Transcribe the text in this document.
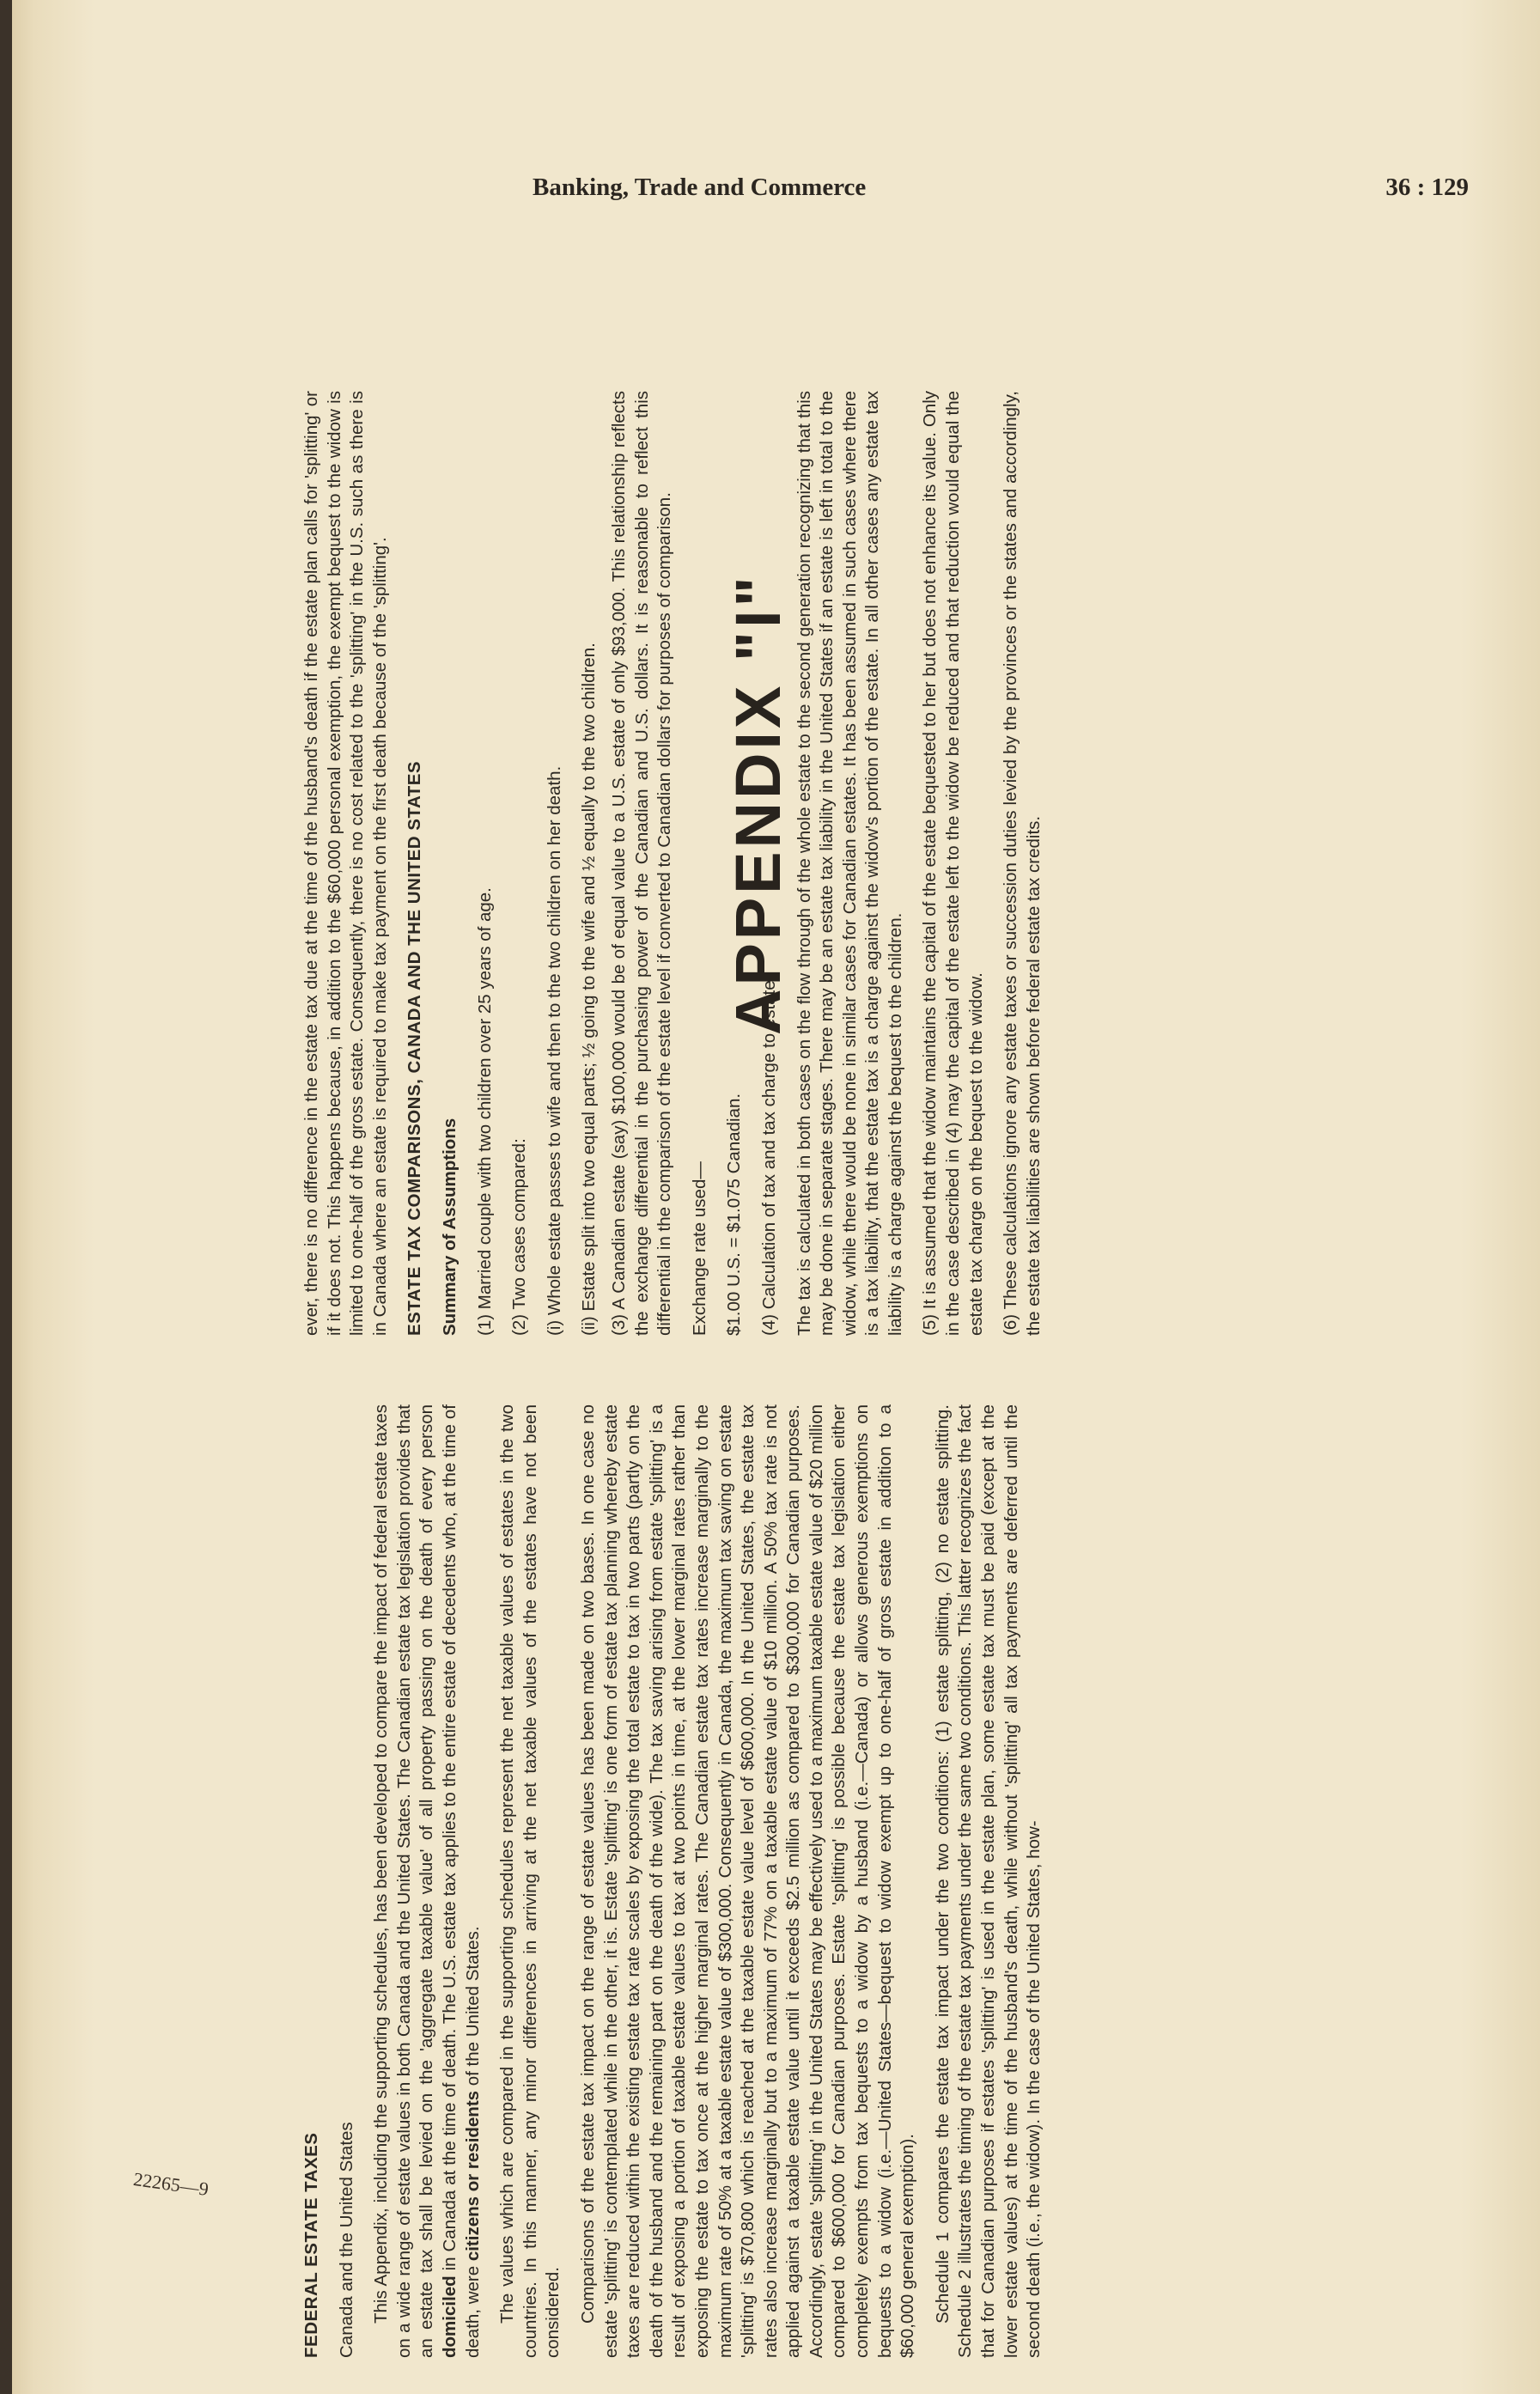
Banking, Trade and Commerce	36 : 129

FEDERAL ESTATE TAXES Canada and the United States This Appendix, including the supporting schedules, has been developed to compare the impact of federal estate taxes on a wide range of estate values in both Canada and the United States. The Canadian estate tax legislation provides that an estate tax shall be levied on the 'aggregate taxable value' of all property passing on the death of every person domiciled in Canada at the time of death. The U.S. estate tax applies to the entire estate of decedents who, at the time of death, were citizens or residents of the United States. The values which are compared in the supporting schedules represent the net taxable values of estates in the two countries. In this manner, any minor differences in arriving at the net taxable values of the estates have not been considered. Comparisons of the estate tax impact on the range of estate values has been made on two bases. In one case no estate 'splitting' is contemplated while in the other, it is. Estate 'splitting' is one form of estate tax planning whereby estate taxes are reduced within the existing estate tax rate scales by exposing the total estate to tax in two parts (partly on the death of the husband and the remaining part on the death of the wide). The tax saving arising from estate 'splitting' is a result of exposing a portion of taxable estate values to tax at two points in time, at the lower marginal rates rather than exposing the estate to tax once at the higher marginal rates. The Canadian estate tax rates increase marginally to the maximum rate of 50% at a taxable estate value of $300,000. Consequently in Canada, the maximum tax saving on estate 'splitting' is $70,800 which is reached at the taxable estate value level of $600,000. In the United States, the estate tax rates also increase marginally but to a maximum of 77% on a taxable estate value of $10 million. A 50% tax rate is not applied against a taxable estate value until it exceeds $2.5 million as compared to $300,000 for Canadian purposes. Accordingly, estate 'splitting' in the United States may be effectively used to a maximum taxable estate value of $20 million compared to $600,000 for Canadian purposes. Estate 'splitting' is possible because the estate tax legislation either completely exempts from tax bequests to a widow by a husband (i.e.—Canada) or allows generous exemptions on bequests to a widow (i.e.—United States—bequest to widow exempt up to one-half of gross estate in addition to a $60,000 general exemption). Schedule 1 compares the estate tax impact under the two conditions: (1) estate splitting, (2) no estate splitting. Schedule 2 illustrates the timing of the estate tax payments under the same two conditions. This latter recognizes the fact that for Canadian purposes if estates 'splitting' is used in the estate plan, some estate tax must be paid (except at the lower estate values) at the time of the husband's death, while without 'splitting' all tax payments are deferred until the second death (i.e., the widow). In the case of the United States, how-

ever, there is no difference in the estate tax due at the time of the husband's death if the estate plan calls for 'splitting' or if it does not. This happens because, in addition to the $60,000 personal exemption, the exempt bequest to the widow is limited to one-half of the gross estate. Consequently, there is no cost related to the 'splitting' in the U.S. such as there is in Canada where an estate is required to make tax payment on the first death because of the 'splitting'. ESTATE TAX COMPARISONS, CANADA AND THE UNITED STATES Summary of Assumptions (1) Married couple with two children over 25 years of age. (2) Two cases compared: (i) Whole estate passes to wife and then to the two children on her death. (ii) Estate split into two equal parts; ½ going to the wife and ½ equally to the two children. (3) A Canadian estate (say) $100,000 would be of equal value to a U.S. estate of only $93,000. This relationship reflects the exchange differential in the purchasing power of the Canadian and U.S. dollars. It is reasonable to reflect this differential in the comparison of the estate level if converted to Canadian dollars for purposes of comparison. Exchange rate used— $1.00 U.S. = $1.075 Canadian. (4) Calculation of tax and tax charge to estate: The tax is calculated in both cases on the flow through of the whole estate to the second generation recognizing that this may be done in separate stages. There may be an estate tax liability in the United States if an estate is left in total to the widow, while there would be none in similar cases for Canadian estates. It has been assumed in such cases where there is a tax liability, that the estate tax is a charge against the widow's portion of the estate. In all other cases any estate tax liability is a charge against the bequest to the children. (5) It is assumed that the widow maintains the capital of the estate bequested to her but does not enhance its value. Only in the case described in (4) may the capital of the estate left to the widow be reduced and that reduction would equal the estate tax charge on the bequest to the widow. (6) These calculations ignore any estate taxes or succession duties levied by the provinces or the states and accordingly, the estate tax liabilities are shown before federal estate tax credits.

APPENDIX "I"
22265—9
